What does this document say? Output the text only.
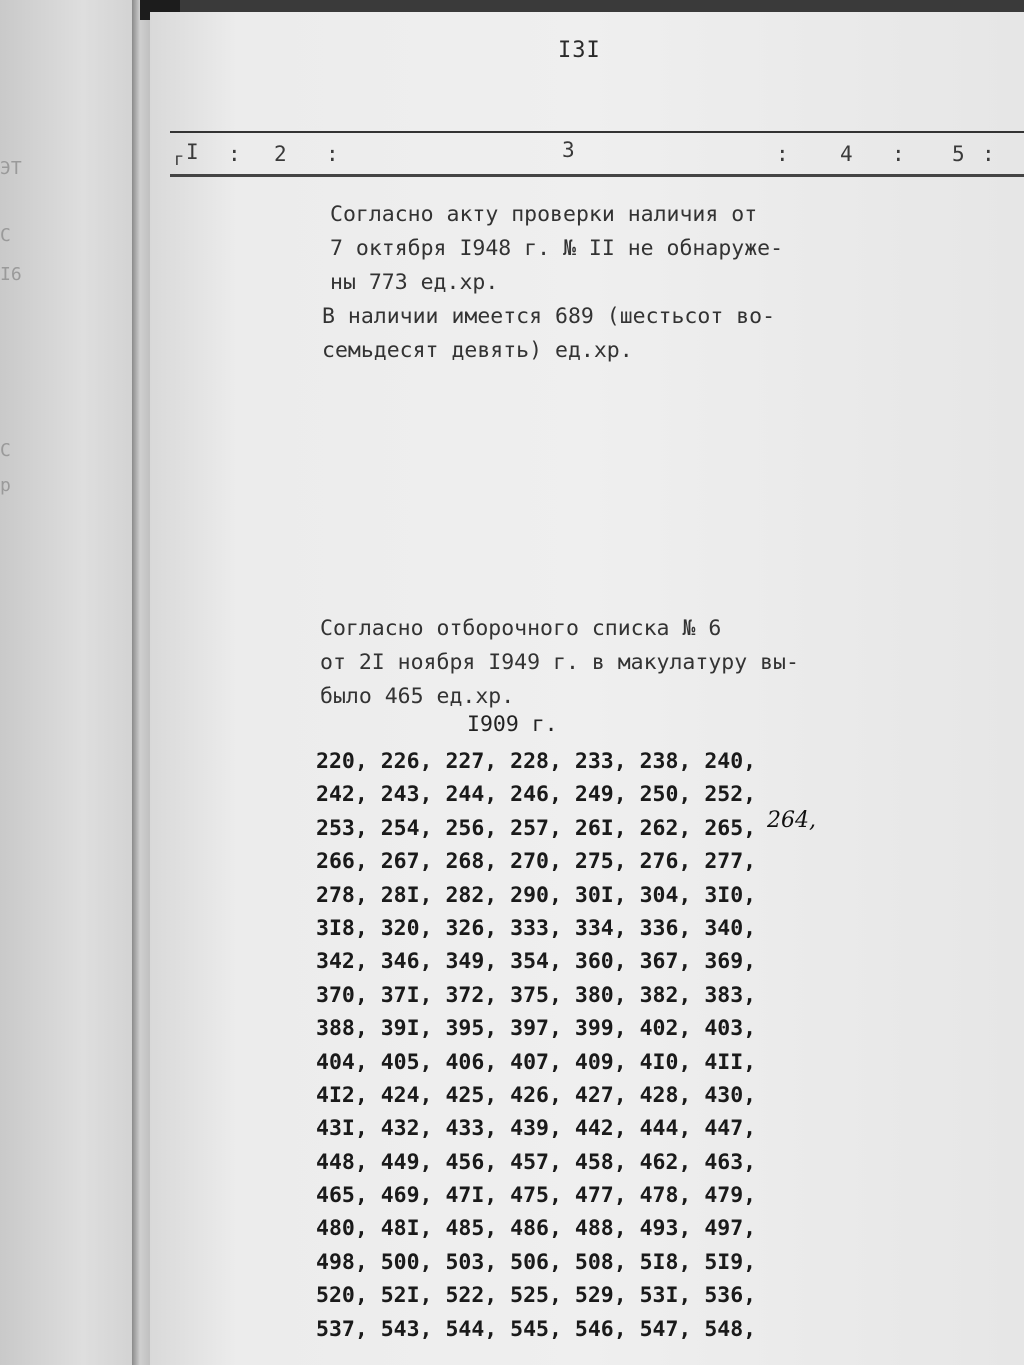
ЭТ
С
І6
С
р
I3I
г I : 2 :	3	: 4 : 5 :
Согласно акту проверки наличия от
7 октября I948 г. № II не обнаруже-
ны 773 ед.хр.
В наличии имеется 689 (шестьсот во-
семьдесят девять) ед.хр.
Согласно отборочного списка № 6
от 2I ноября I949 г. в макулатуру вы-
было 465 ед.хр.
I909 г.
220, 226, 227, 228, 233, 238, 240,
242, 243, 244, 246, 249, 250, 252,
253, 254, 256, 257, 26I, 262, 265,
266, 267, 268, 270, 275, 276, 277,
278, 28I, 282, 290, 30I, 304, 3I0,
3I8, 320, 326, 333, 334, 336, 340,
342, 346, 349, 354, 360, 367, 369,
370, 37I, 372, 375, 380, 382, 383,
388, 39I, 395, 397, 399, 402, 403,
404, 405, 406, 407, 409, 4I0, 4II,
4I2, 424, 425, 426, 427, 428, 430,
43I, 432, 433, 439, 442, 444, 447,
448, 449, 456, 457, 458, 462, 463,
465, 469, 47I, 475, 477, 478, 479,
480, 48I, 485, 486, 488, 493, 497,
498, 500, 503, 506, 508, 5I8, 5I9,
520, 52I, 522, 525, 529, 53I, 536,
537, 543, 544, 545, 546, 547, 548,
264,
